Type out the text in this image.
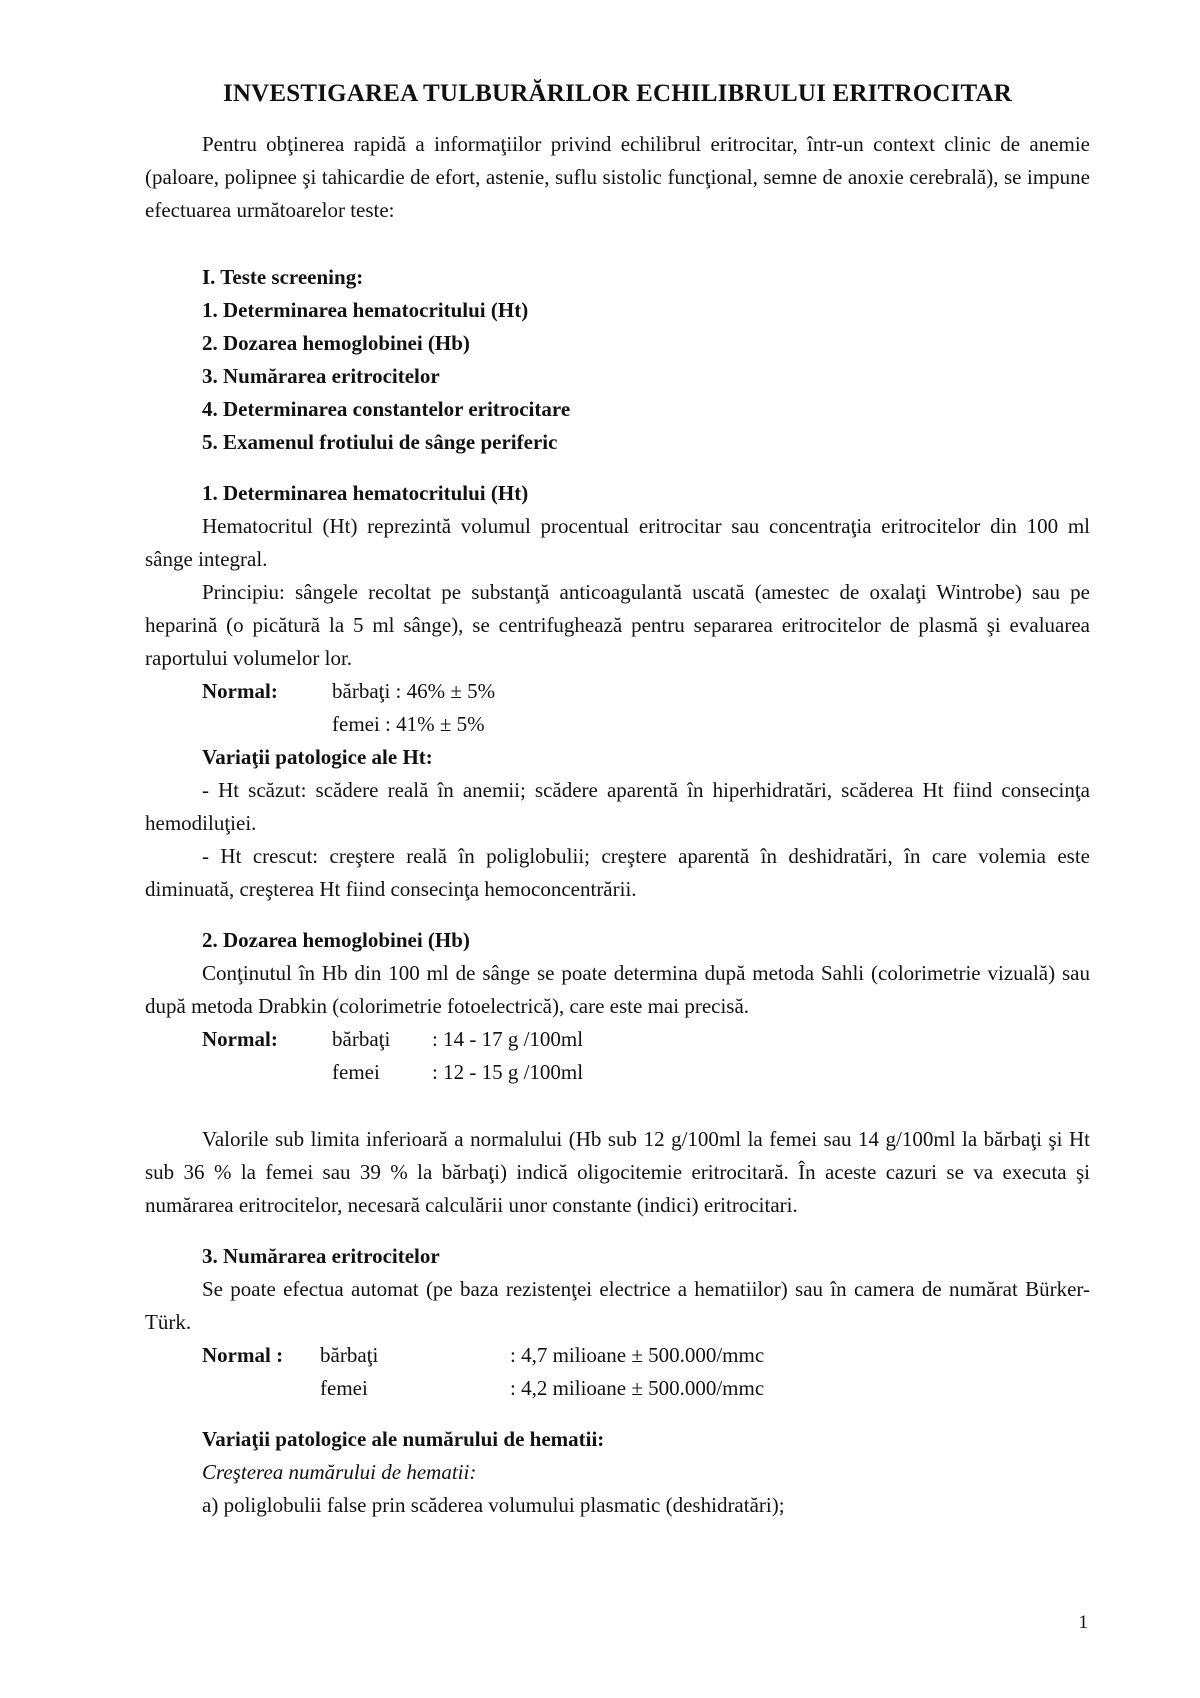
INVESTIGAREA TULBURĂRILOR ECHILIBRULUI ERITROCITAR

Pentru obţinerea rapidă a informaţiilor privind echilibrul eritrocitar, într-un context clinic de anemie (paloare, polipnee şi tahicardie de efort, astenie, suflu sistolic funcţional, semne de anoxie cerebrală), se impune efectuarea următoarelor teste:

I. Teste screening:
1. Determinarea hematocritului (Ht)
2. Dozarea hemoglobinei (Hb)
3. Numărarea eritrocitelor
4. Determinarea constantelor eritrocitare
5. Examenul frotiului de sânge periferic
1. Determinarea hematocritului (Ht)

Hematocritul (Ht) reprezintă volumul procentual eritrocitar sau concentraţia eritrocitelor din 100 ml sânge integral.

Principiu: sângele recoltat pe substanţă anticoagulantă uscată (amestec de oxalaţi Wintrobe) sau pe heparină (o picătură la 5 ml sânge), se centrifughează pentru separarea eritrocitelor de plasmă şi evaluarea raportului volumelor lor.

Normal:	bărbaţi : 46% ± 5%
femei : 41% ± 5%
Variaţii patologice ale Ht:

- Ht scăzut: scădere reală în anemii; scădere aparentă în hiperhidratări, scăderea Ht fiind consecinţa hemodiluţiei.

- Ht crescut: creştere reală în poliglobulii; creştere aparentă în deshidratări, în care volemia este diminuată, creşterea Ht fiind consecinţa hemoconcentrării.

2. Dozarea hemoglobinei (Hb)

Conţinutul în Hb din 100 ml de sânge se poate determina după metoda Sahli (colorimetrie vizuală) sau după metoda Drabkin (colorimetrie fotoelectrică), care este mai precisă.

Normal:	bărbaţi	: 14 - 17 g /100ml
femei	: 12 - 15 g /100ml

Valorile sub limita inferioară a normalului (Hb sub 12 g/100ml la femei sau 14 g/100ml la bărbaţi şi Ht sub 36 % la femei sau 39 % la bărbaţi) indică oligocitemie eritrocitară. În aceste cazuri se va executa şi numărarea eritrocitelor, necesară calculării unor constante (indici) eritrocitari.

3. Numărarea eritrocitelor

Se poate efectua automat (pe baza rezistenţei electrice a hematiilor) sau în camera de numărat Bürker-Türk.

Normal :	bărbaţi	: 4,7 milioane ± 500.000/mmc
femei	: 4,2 milioane ± 500.000/mmc
Variaţii patologice ale numărului de hematii:
Creşterea numărului de hematii:
a) poliglobulii false prin scăderea volumului plasmatic (deshidratări);
1
